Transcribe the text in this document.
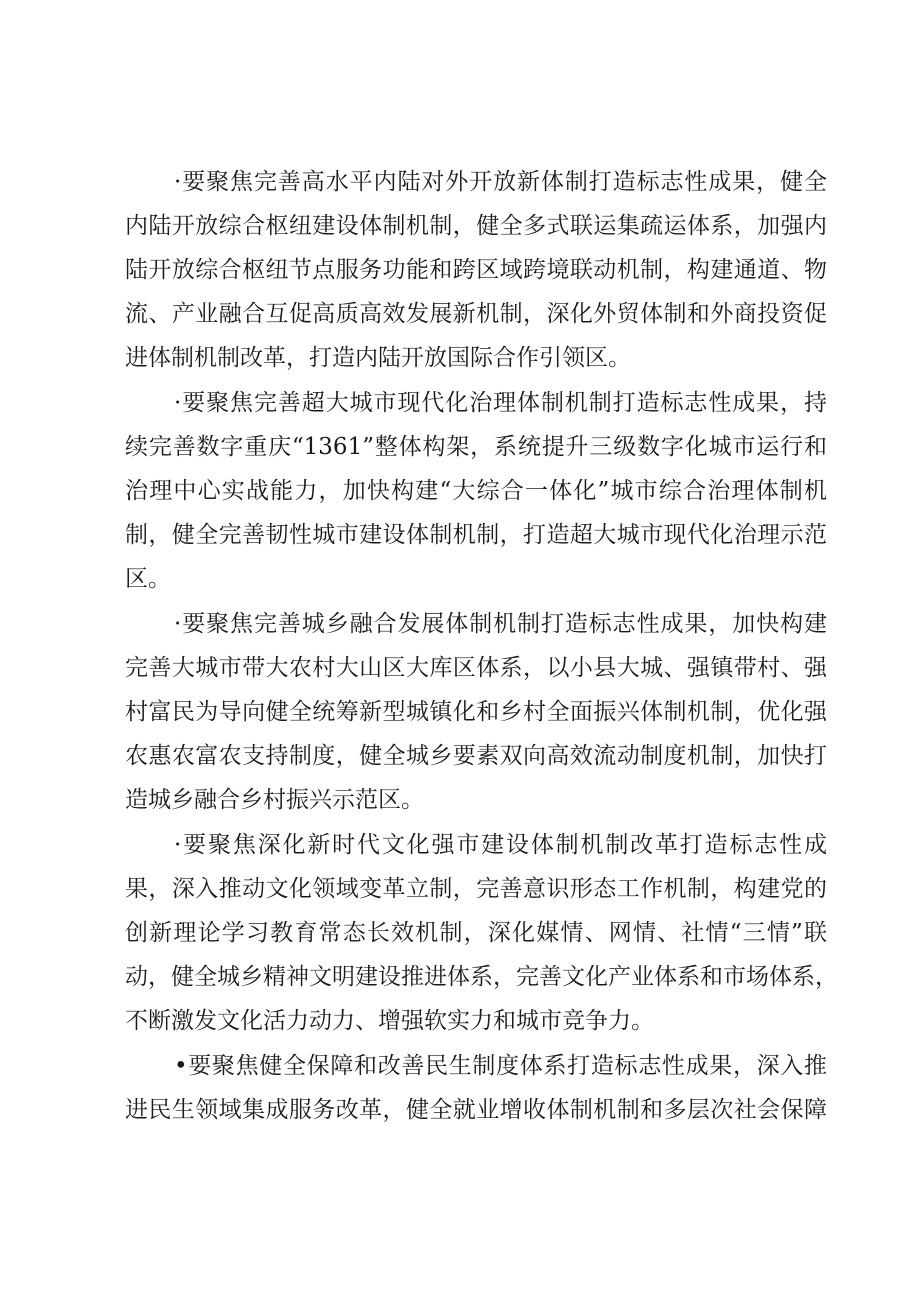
·要聚焦完善高水平内陆对外开放新体制打造标志性成果，健全

内陆开放综合枢纽建设体制机制，健全多式联运集疏运体系，加强内

陆开放综合枢纽节点服务功能和跨区域跨境联动机制，构建通道、物

流、产业融合互促高质高效发展新机制，深化外贸体制和外商投资促

进体制机制改革，打造内陆开放国际合作引领区。

·要聚焦完善超大城市现代化治理体制机制打造标志性成果，持

续完善数字重庆“1361”整体构架，系统提升三级数字化城市运行和

治理中心实战能力，加快构建“大综合一体化”城市综合治理体制机

制，健全完善韧性城市建设体制机制，打造超大城市现代化治理示范

区。

·要聚焦完善城乡融合发展体制机制打造标志性成果，加快构建

完善大城市带大农村大山区大库区体系，以小县大城、强镇带村、强

村富民为导向健全统筹新型城镇化和乡村全面振兴体制机制，优化强

农惠农富农支持制度，健全城乡要素双向高效流动制度机制，加快打

造城乡融合乡村振兴示范区。

·要聚焦深化新时代文化强市建设体制机制改革打造标志性成

果，深入推动文化领域变革立制，完善意识形态工作机制，构建党的

创新理论学习教育常态长效机制，深化媒情、网情、社情“三情”联

动，健全城乡精神文明建设推进体系，完善文化产业体系和市场体系，

不断激发文化活力动力、增强软实力和城市竞争力。

•要聚焦健全保障和改善民生制度体系打造标志性成果，深入推

进民生领域集成服务改革，健全就业增收体制机制和多层次社会保障
